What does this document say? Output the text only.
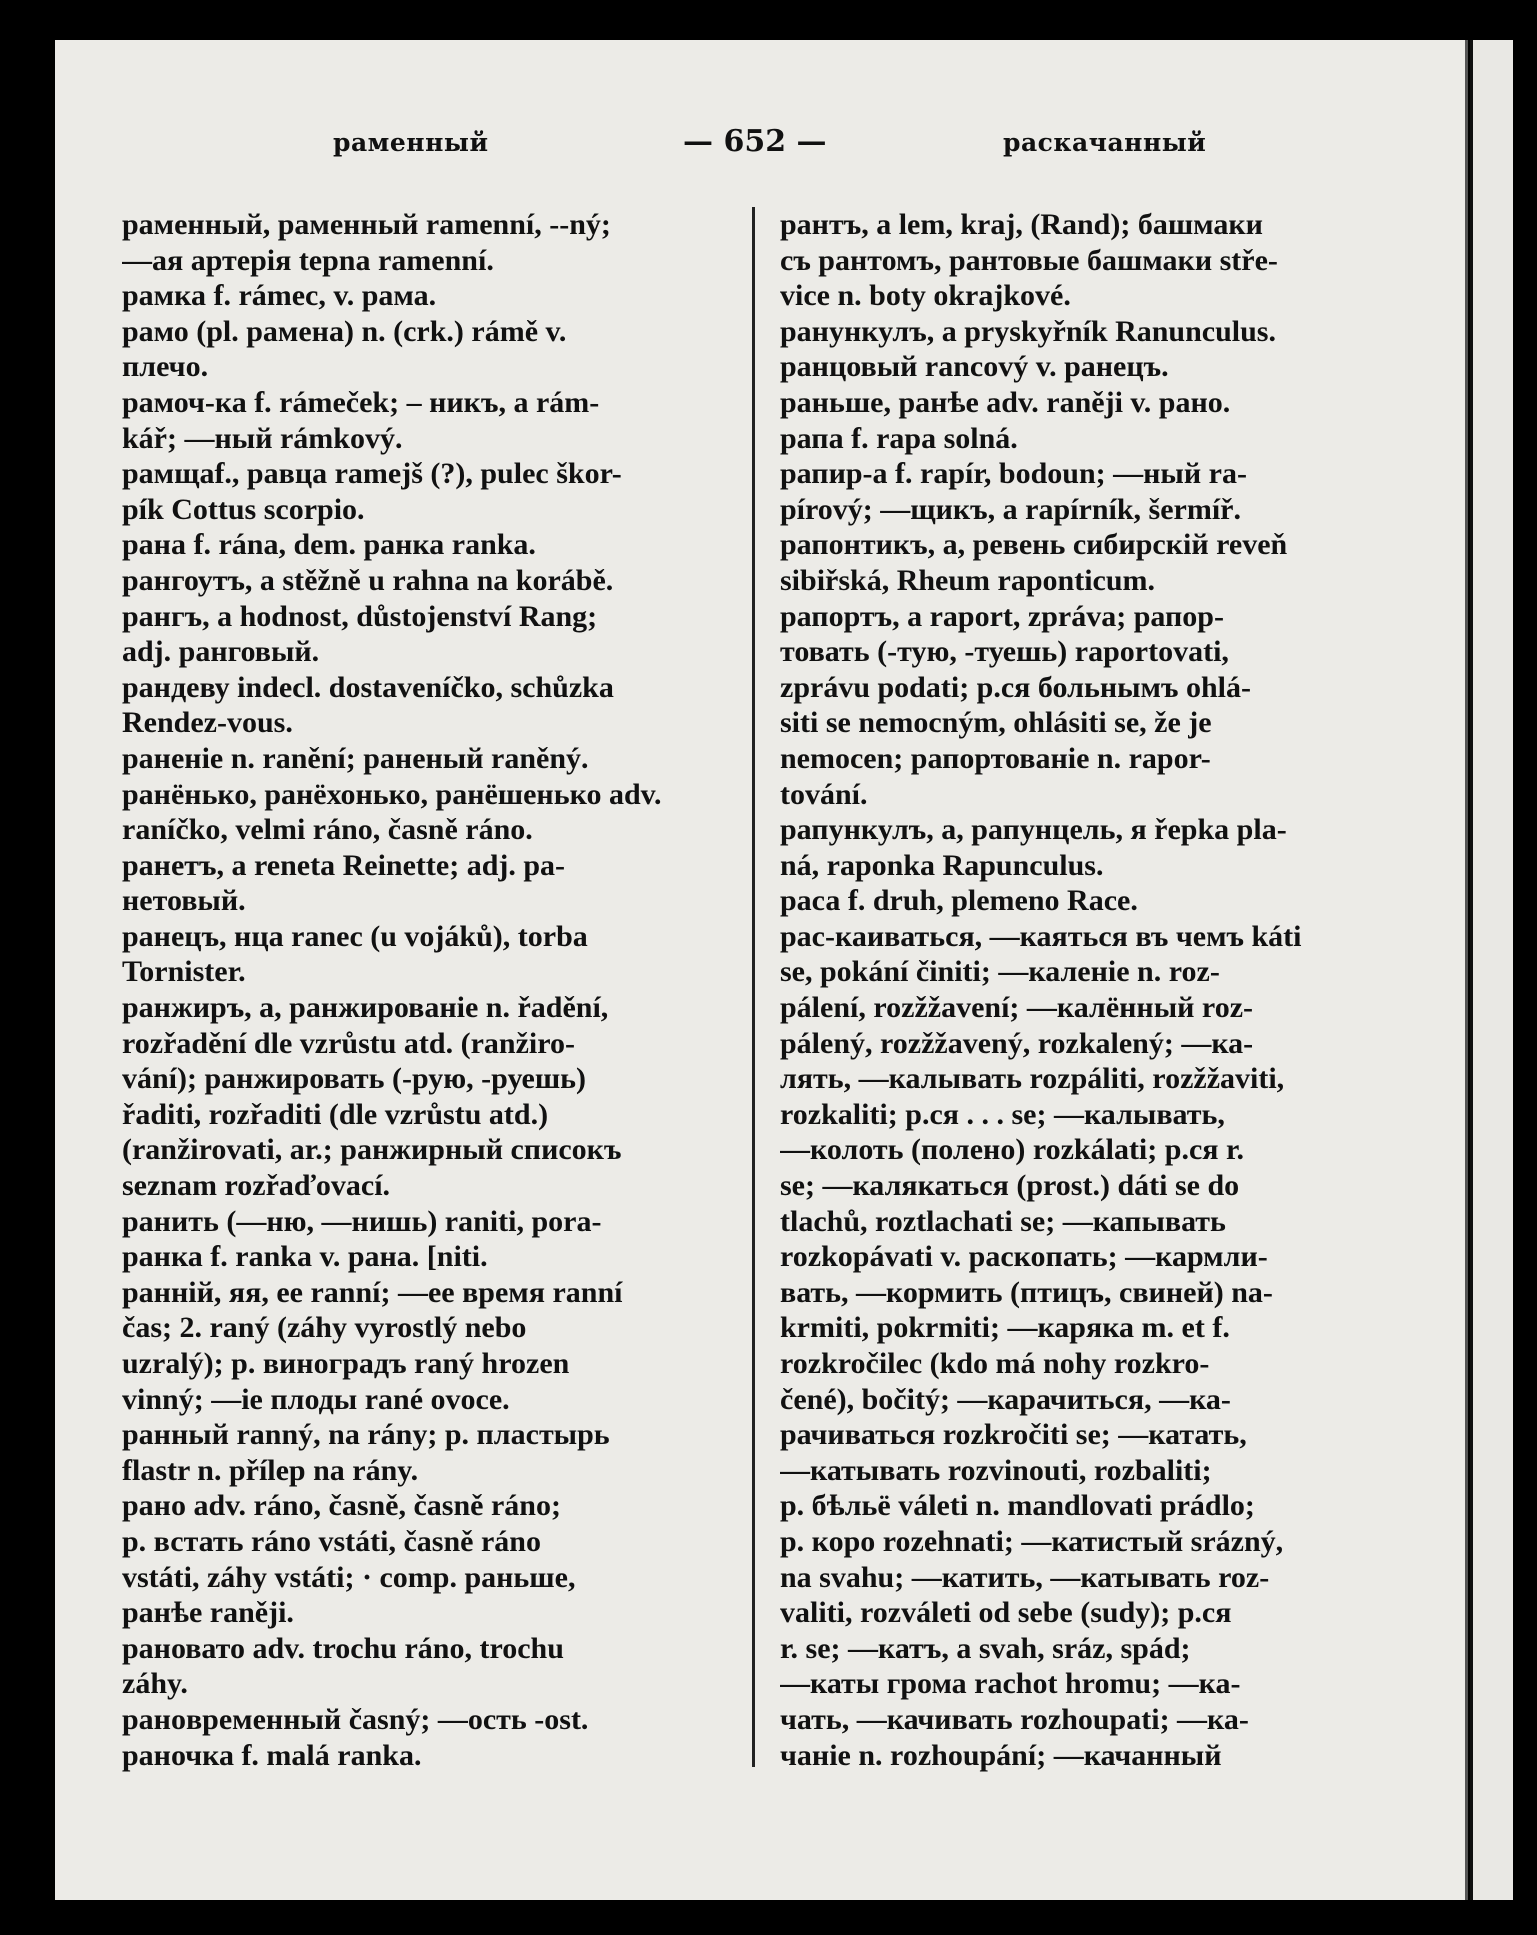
раменный	— 652 —	раскачанный
раменный, раменный ramenní, --ný;
—ая артерія tepna ramenní.
рамка f. rámec, v. рама.
рамо (pl. рамена) n. (crk.) rámě v.
плечо.
рамоч-ка f. rámeček; – никъ, a rám-
kář; —ный rámkový.
рамщаf., равца ramejš (?), pulec škor-
pík Cottus scorpio.
рана f. rána, dem. ранка ranka.
рангоутъ, a stěžně u rahna na korábě.
рангъ, a hodnost, důstojenství Rang;
adj. ранговый.
рандеву indecl. dostaveníčko, schůzka
Rendez-vous.
раненіе n. ranění; раненый raněný.
ранёнько, ранёхонько, ранёшенько adv.
raníčko, velmi ráno, časně ráno.
ранетъ, a reneta Reinette; adj. ра-
нетовый.
ранецъ, нца ranec (u vojáků), torba
Tornister.
ранжиръ, a, ранжированіе n. řadění,
rozřadění dle vzrůstu atd. (ranžiro-
vání); ранжировать (-рую, -руешь)
řaditi, rozřaditi (dle vzrůstu atd.)
(ranžirovati, ar.; ранжирный списокъ
seznam rozřaďovací.
ранить (—ню, —нишь) raniti, pora-
ранка f. ranka v. рана. [niti.
ранній, яя, ее ranní; —ее время ranní
čas; 2. raný (záhy vyrostlý nebo
uzralý); р. виноградъ raný hrozen
vinný; —іе плоды rané ovoce.
ранный ranný, na rány; р. пластырь
flastr n. přílep na rány.
рано adv. ráno, časně, časně ráno;
р. встать ráno vstáti, časně ráno
vstáti, záhy vstáti; · comp. раньше,
ранѣе raněji.
рановато adv. trochu ráno, trochu
záhy.
ранoвременный časný; —ость -ost.
раночка f. malá ranka.
рантъ, a lem, kraj, (Rand); башмаки
съ рантомъ, рантовые башмаки stře-
vice n. boty okrajkové.
ранункулъ, a pryskyřník Ranunculus.
ранцовый rancový v. ранецъ.
раньше, ранѣе adv. raněji v. рано.
рапа f. rapa solná.
рапир-а f. rapír, bodoun; —ный ra-
pírový; —щикъ, a rapírník, šermíř.
рапонтикъ, a, ревень сибирскій reveň
sibiřská, Rheum raponticum.
рапортъ, a raport, zpráva; рапор-
товать (-тую, -туешь) raportovati,
zprávu podati; р.ся больнымъ ohlá-
siti se nemocným, ohlásiti se, že je
nemocen; рапортованіе n. rapor-
tování.
рапункулъ, a, рапунцель, я řepka pla-
ná, raponka Rapunculus.
раса f. druh, plemeno Race.
рас-каиваться, —каяться въ чемъ káti
se, pokání činiti; —каленіе n. roz-
pálení, rozžžavení; —калённый roz-
pálený, rozžžavený, rozkalený; —ка-
лять, —калывать rozpáliti, rozžžaviti,
rozkaliti; р.ся . . . se; —калывать,
—колоть (полено) rozkálati; р.ся r.
se; —калякаться (prost.) dáti se do
tlachů, roztlachati se; —капывать
rozkopávati v. раскопать; —кармли-
вать, —кормить (птицъ, свиней) na-
krmiti, pokrmiti; —каряка m. et f.
rozkročilec (kdo má nohy rozkro-
čené), bočitý; —карачиться, —ка-
рачиваться rozkročiti se; —катать,
—катывать rozvinouti, rozbaliti;
р. бѣльё váleti n. mandlovati prádlo;
р. коро rozehnati; —катистый srázný,
na svahu; —катить, —катывать roz-
valiti, rozváleti od sebe (sudy); р.ся
r. se; —катъ, a svah, sráz, spád;
—каты грома rachot hromu; —ка-
чать, —качивать rozhoupati; —ка-
чаніе n. rozhoupání; —качанный
